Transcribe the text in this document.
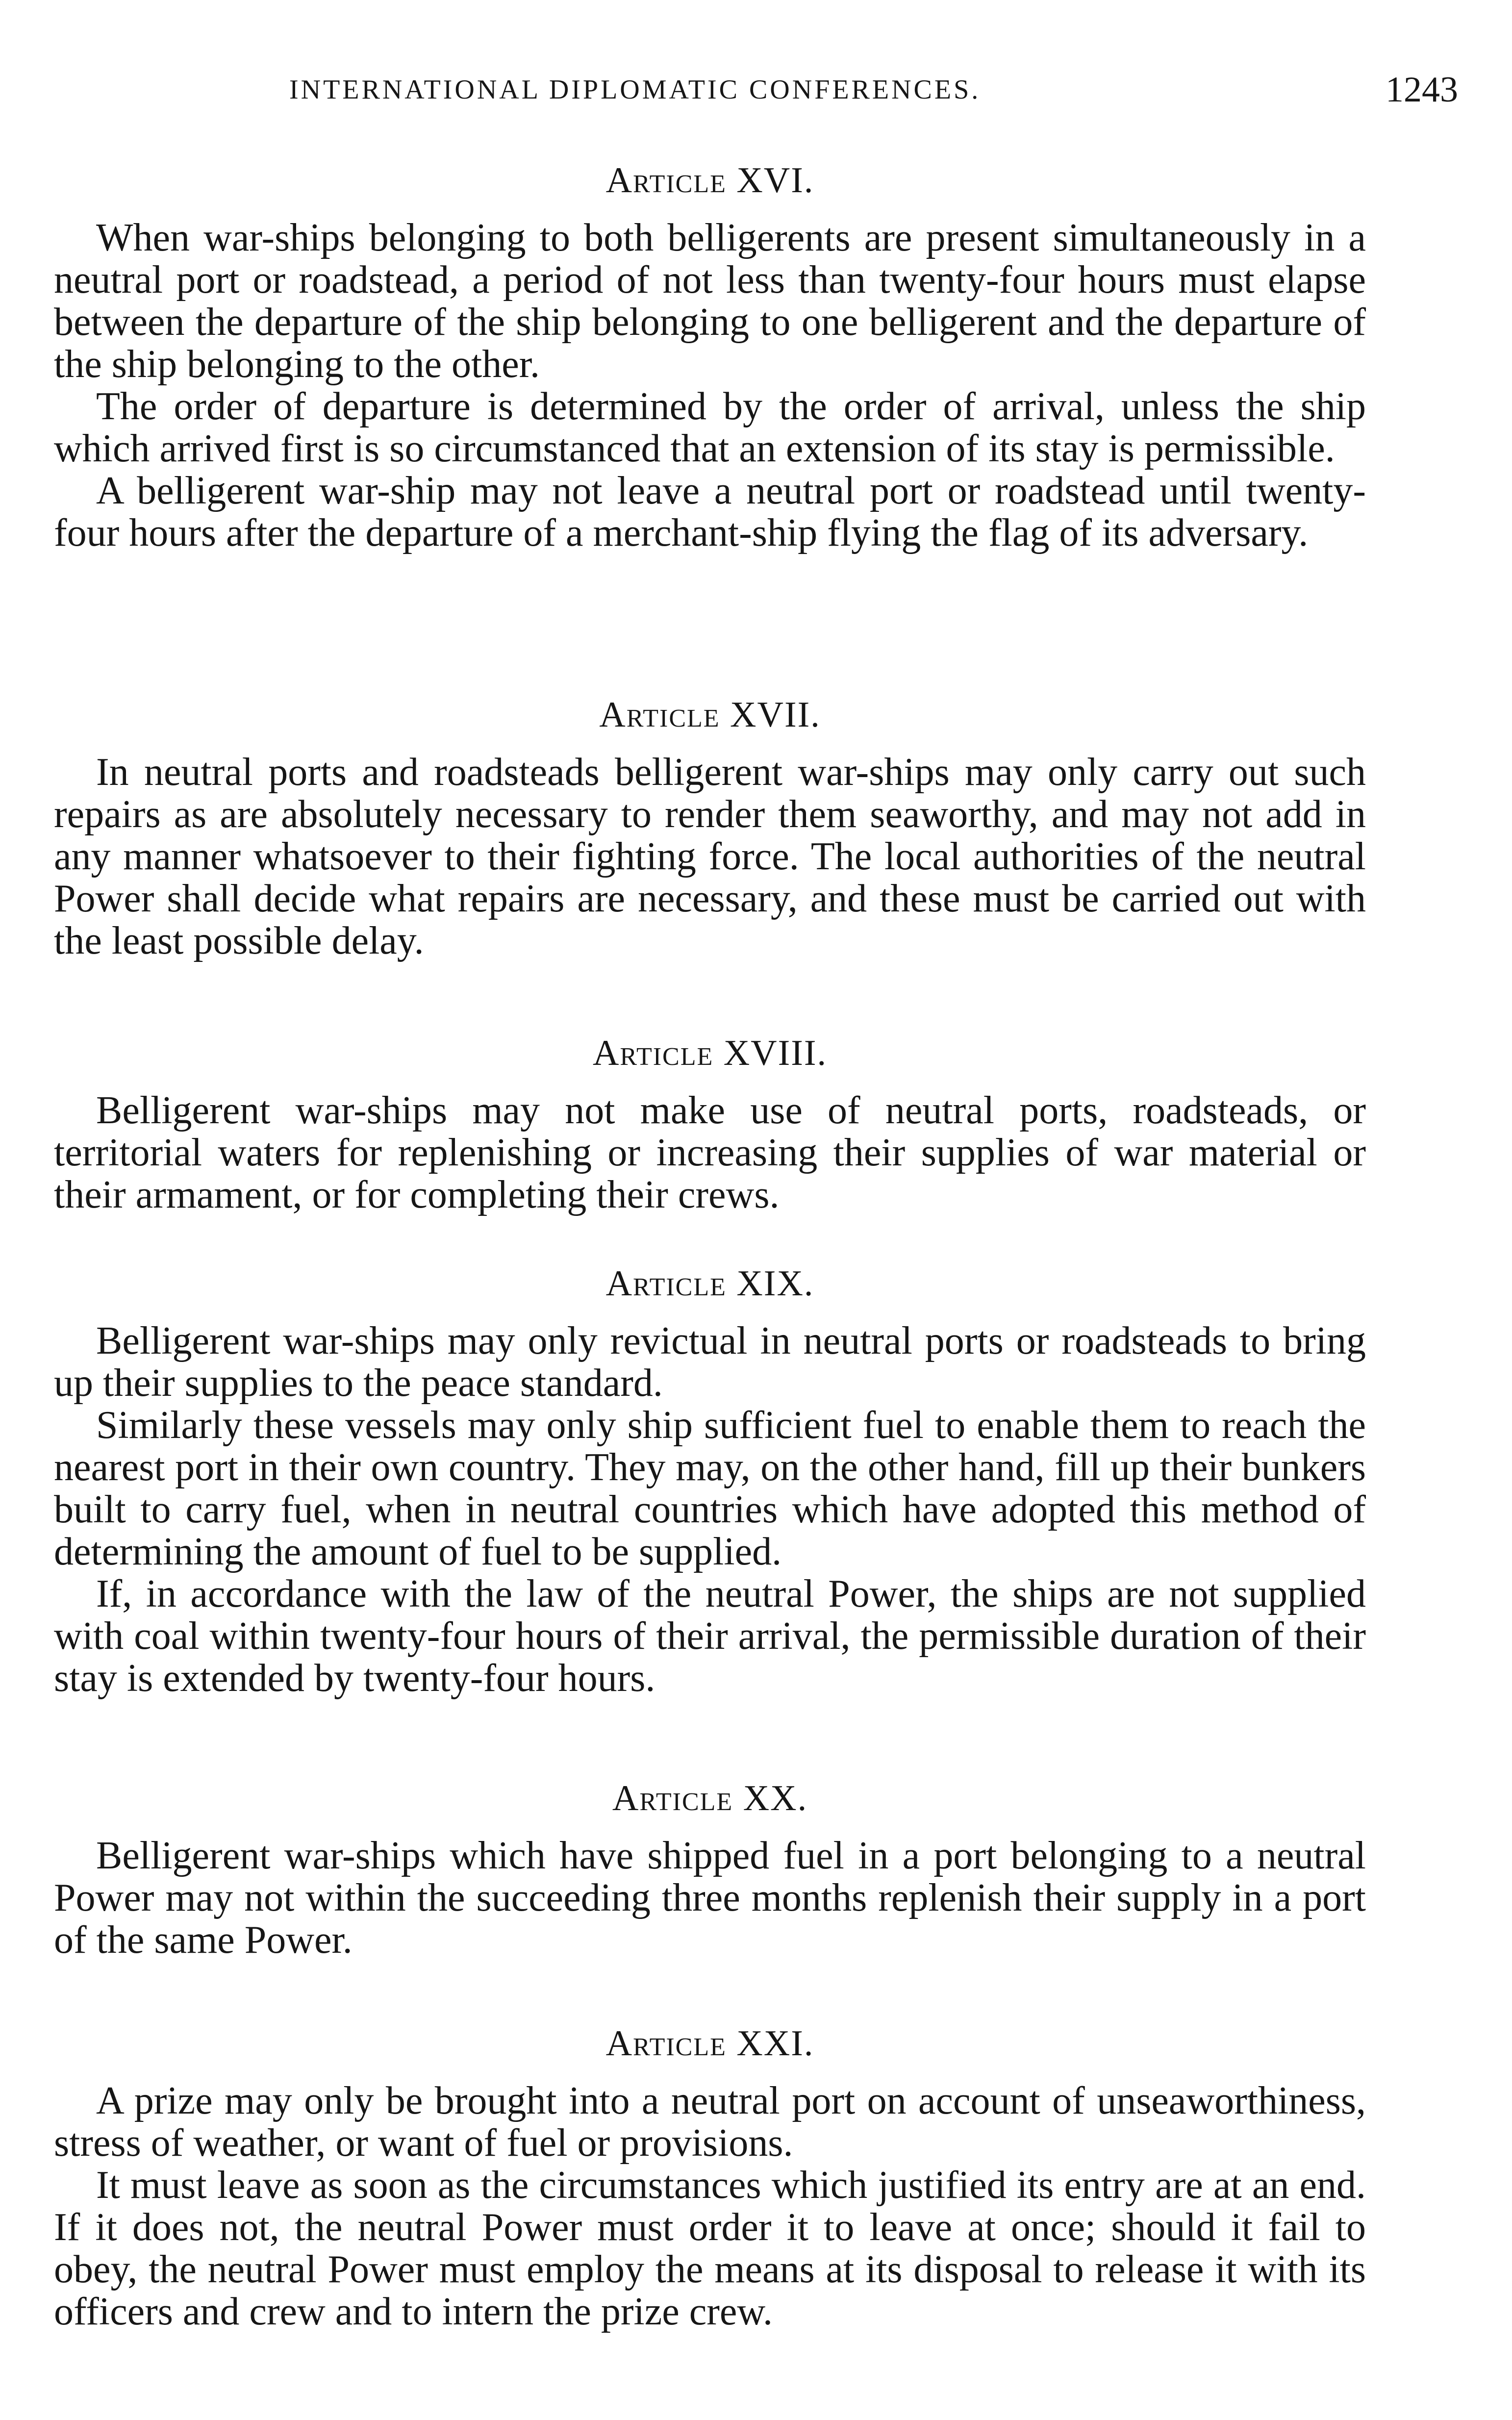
INTERNATIONAL DIPLOMATIC CONFERENCES.	1243
Article XVI.

When war-ships belonging to both belligerents are present simultaneously in a neutral port or roadstead, a period of not less than twenty-four hours must elapse between the departure of the ship belonging to one belligerent and the departure of the ship belonging to the other.

The order of departure is determined by the order of arrival, unless the ship which arrived first is so circumstanced that an extension of its stay is permissible.

A belligerent war-ship may not leave a neutral port or roadstead until twenty-four hours after the departure of a merchant-ship flying the flag of its adversary.

Article XVII.

In neutral ports and roadsteads belligerent war-ships may only carry out such repairs as are absolutely necessary to render them seaworthy, and may not add in any manner whatsoever to their fighting force. The local authorities of the neutral Power shall decide what repairs are necessary, and these must be carried out with the least possible delay.

Article XVIII.

Belligerent war-ships may not make use of neutral ports, roadsteads, or territorial waters for replenishing or increasing their supplies of war material or their armament, or for completing their crews.

Article XIX.

Belligerent war-ships may only revictual in neutral ports or roadsteads to bring up their supplies to the peace standard.

Similarly these vessels may only ship sufficient fuel to enable them to reach the nearest port in their own country. They may, on the other hand, fill up their bunkers built to carry fuel, when in neutral countries which have adopted this method of determining the amount of fuel to be supplied.

If, in accordance with the law of the neutral Power, the ships are not supplied with coal within twenty-four hours of their arrival, the permissible duration of their stay is extended by twenty-four hours.

Article XX.

Belligerent war-ships which have shipped fuel in a port belonging to a neutral Power may not within the succeeding three months replenish their supply in a port of the same Power.

Article XXI.

A prize may only be brought into a neutral port on account of unseaworthiness, stress of weather, or want of fuel or provisions.

It must leave as soon as the circumstances which justified its entry are at an end. If it does not, the neutral Power must order it to leave at once; should it fail to obey, the neutral Power must employ the means at its disposal to release it with its officers and crew and to intern the prize crew.
